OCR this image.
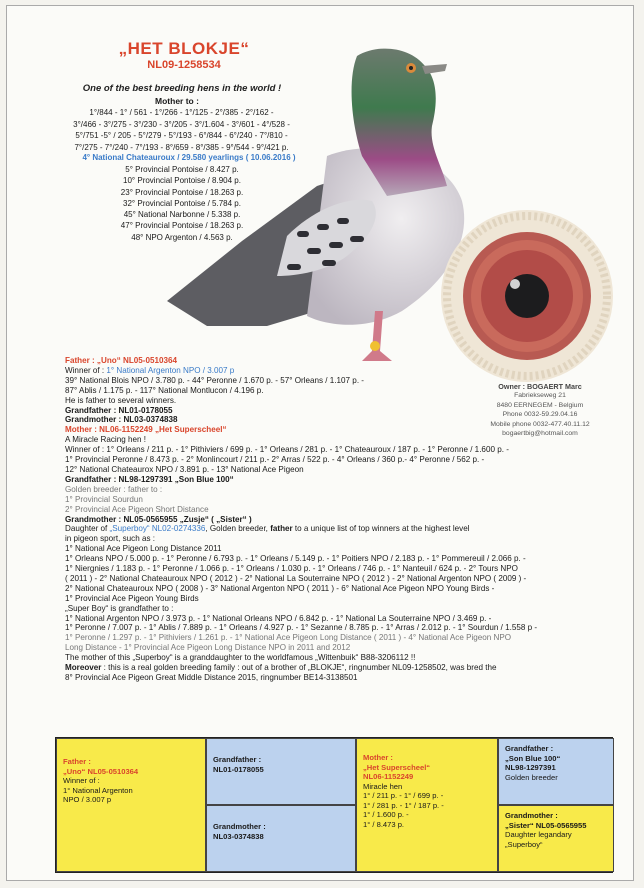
„HET BLOKJE“
NL09-1258534
One of the best breeding hens in the world !
Mother to :
1°/844 - 1° / 561 - 1°/266 - 1°/125 - 2°/385 - 2°/162 -
3°/466 - 3°/275 - 3°/230 - 3°/205 - 3°/1.604 - 3°/601 - 4°/528 -
5°/751 -5° / 205 - 5°/279 - 5°/193 - 6°/844 - 6°/240 - 7°/810 -
7°/275 - 7°/240 - 7°/193 - 8°/659 - 8°/385 - 9°/544 - 9°/421 p.
4° National Chateauroux / 29.580 yearlings ( 10.06.2016 )
5° Provincial Pontoise / 8.427 p.
10° Provincial Pontoise / 8.904 p.
23° Provincial Pontoise / 18.263 p.
32° Provincial Pontoise / 5.784 p.
45° National Narbonne / 5.338 p.
47° Provincial Pontoise / 18.263 p.
48° NPO Argenton / 4.563 p.
Owner : BOGAERT Marc
Fabriekseweg 21
8480 EERNEGEM - Belgium
Phone 0032-59.29.04.16
Mobile phone 0032-477.40.11.12
bogaertbig@hotmail.com

Father : „Uno“ NL05-0510364

Winner of : 1° National Argenton NPO / 3.007 p

39° National Blois NPO / 3.780 p. - 44° Peronne / 1.670 p. - 57° Orleans / 1.107 p. -

87° Ablis / 1.175 p. - 117° National Montlucon / 4.196 p.

He is father to several winners.

Grandfather : NL01-0178055

Grandmother : NL03-0374838

Mother : NL06-1152249 „Het Superscheel“

A Miracle Racing hen !

Winner of : 1° Orleans / 211 p. - 1° Pithiviers / 699 p. - 1° Orleans / 281 p. - 1° Chateauroux / 187 p. - 1° Peronne / 1.600 p. -

1° Provincial Peronne / 8.473 p. - 2° Monlincourt / 211 p.- 2° Arras / 522 p. - 4° Orleans / 360 p.- 4° Peronne / 562 p. -

12° National Chateaurox NPO / 3.891 p. - 13° National Ace Pigeon

Grandfather : NL98-1297391 „Son Blue 100“

Golden breeder : father to :

1° Provincial Sourdun

2° Provincial Ace Pigeon Short Distance

Grandmother : NL05-0565955 „Zusje“ ( „Sister“ )

Daughter of „Superboy“ NL02-0274336, Golden breeder, father to a unique list of top winners at the highest level

in pigeon sport, such as :

1° National Ace Pigeon Long Distance 2011

1° Orleans NPO / 5.000 p. - 1° Peronne / 6.793 p. - 1° Orleans / 5.149 p. - 1° Poitiers NPO / 2.183 p. - 1° Pommereuil / 2.066 p. -

1° Niergnies / 1.183 p. - 1° Peronne / 1.066 p. - 1° Orleans / 1.030 p. - 1° Orleans / 746 p. - 1° Nanteuil / 624 p. - 2° Tours NPO

( 2011 ) - 2° National Chateauroux NPO ( 2012 ) - 2° National La Souterraine NPO ( 2012 ) - 2° National Argenton NPO ( 2009 ) -

2° National Chateauroux NPO ( 2008 ) - 3° National Argenton NPO ( 2011 ) - 6° National Ace Pigeon NPO Young Birds -

1° Provincial Ace Pigeon Young Birds

„Super Boy“ is grandfather to :

1° National Argenton NPO / 3.973 p. - 1° National Orleans NPO / 6.842 p. - 1° National La Souterraine NPO / 3.469 p. -

1° Peronne / 7.007 p. - 1° Ablis / 7.889 p. - 1° Orleans / 4.927 p. - 1° Sezanne / 8.785 p. - 1° Arras / 2.012 p. - 1° Sourdun / 1.558 p -

1° Peronne / 1.297 p. - 1° Pithiviers / 1.261 p. - 1° National Ace Pigeon Long Distance ( 2011 ) - 4° National Ace Pigeon NPO

Long Distance - 1° Provincial Ace Pigeon Long Distance NPO in 2011 and 2012

The mother of this „Superboy“ is a granddaughter to the worldfamous „Wittenbuik“ B88-3206112 !!

Moreover : this is a real golden breeding family : out of a brother of „BLOKJE“, ringnumber NL09-1258502, was bred the

8° Provincial Ace Pigeon Great Middle Distance 2015, ringnumber BE14-3138501

Father :
„Uno“ NL05-0510364
Winner of :
1° National Argenton
NPO / 3.007 p
Grandfather :
NL01-0178055
Mother :
„Het Superscheel“
NL06-1152249
Miracle hen
1° / 211 p. - 1° / 699 p. -
1° / 281 p. - 1° / 187 p. -
1° / 1.600 p. -
1° / 8.473 p.
Grandfather :
„Son Blue 100“
NL98-1297391
Golden breeder
Grandmother :
NL03-0374838
Grandmother :
„Sister“ NL05-0565955
Daughter legandary
„Superboy“
